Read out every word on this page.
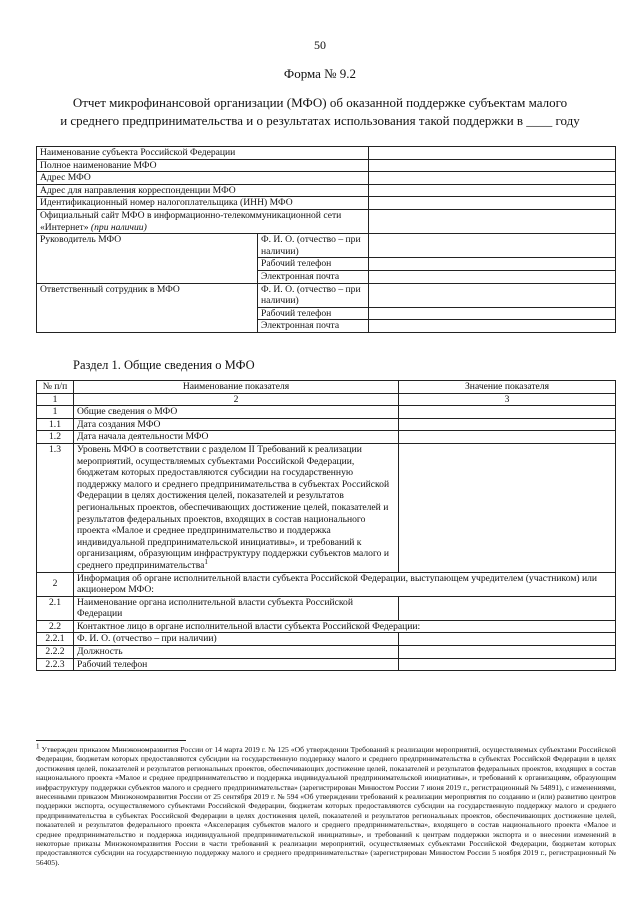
50
Форма № 9.2
Отчет микрофинансовой организации (МФО) об оказанной поддержке субъектам малого
и среднего предпринимательства и о результатах использования такой поддержки в ____ году
Наименование субъекта Российской Федерации		
Полное наименование МФО		
Адрес МФО		
Адрес для направления корреспонденции МФО		
Идентификационный номер налогоплательщика (ИНН) МФО		
Официальный сайт МФО в информационно-телекоммуникационной сети «Интернет» (при наличии)		
Руководитель МФО	Ф. И. О. (отчество – при наличии)	
	Рабочий телефон	
	Электронная почта	
Ответственный сотрудник в МФО	Ф. И. О. (отчество – при наличии)	
	Рабочий телефон	
	Электронная почта	
Раздел 1. Общие сведения о МФО
№ п/п	Наименование показателя	Значение показателя
1	2	3
1	Общие сведения о МФО	
1.1	Дата создания МФО	
1.2	Дата начала деятельности МФО	
1.3	Уровень МФО в соответствии с разделом II Требований к реализации мероприятий, осуществляемых субъектами Российской Федерации, бюджетам которых предоставляются субсидии на государственную поддержку малого и среднего предпринимательства в субъектах Российской Федерации в целях достижения целей, показателей и результатов региональных проектов, обеспечивающих достижение целей, показателей и результатов федеральных проектов, входящих в состав национального проекта «Малое и среднее предпринимательство и поддержка индивидуальной предпринимательской инициативы», и требований к организациям, образующим инфраструктуру поддержки субъектов малого и среднего предпринимательства$^1$	
2	Информация об органе исполнительной власти субъекта Российской Федерации, выступающем учредителем (участником) или акционером МФО:	
2.1	Наименование органа исполнительной власти субъекта Российской Федерации	
2.2	Контактное лицо в органе исполнительной власти субъекта Российской Федерации:	
2.2.1	Ф. И. О. (отчество – при наличии)	
2.2.2	Должность	
2.2.3	Рабочий телефон	
$^1$ Утвержден приказом Минэкономразвития России от 14 марта 2019 г. № 125 «Об утверждении Требований к реализации мероприятий, осуществляемых субъектами Российской Федерации, бюджетам которых предоставляются субсидии на государственную поддержку малого и среднего предпринимательства в субъектах Российской Федерации в целях достижения целей, показателей и результатов региональных проектов, обеспечивающих достижение целей, показателей и результатов федеральных проектов, входящих в состав национального проекта «Малое и среднее предпринимательство и поддержка индивидуальной предпринимательской инициативы», и требований к организациям, образующим инфраструктуру поддержки субъектов малого и среднего предпринимательства» (зарегистрирован Минюстом России 7 июня 2019 г., регистрационный № 54891), с изменениями, внесенными приказом Минэкономразвития России от 25 сентября 2019 г. № 594 «Об утверждении требований к реализации мероприятия по созданию и (или) развитию центров поддержки экспорта, осуществляемого субъектами Российской Федерации, бюджетам которых предоставляются субсидии на государственную поддержку малого и среднего предпринимательства в субъектах Российской Федерации в целях достижения целей, показателей и результатов региональных проектов, обеспечивающих достижение целей, показателей и результатов федерального проекта «Акселерация субъектов малого и среднего предпринимательства», входящего в состав национального проекта «Малое и среднее предпринимательство и поддержка индивидуальной предпринимательской инициативы», и требований к центрам поддержки экспорта и о внесении изменений в некоторые приказы Минэкономразвития России в части требований к реализации мероприятий, осуществляемых субъектами Российской Федерации, бюджетам которых предоставляются субсидии на государственную поддержку малого и среднего предпринимательства» (зарегистрирован Минюстом России 5 ноября 2019 г., регистрационный № 56405).
